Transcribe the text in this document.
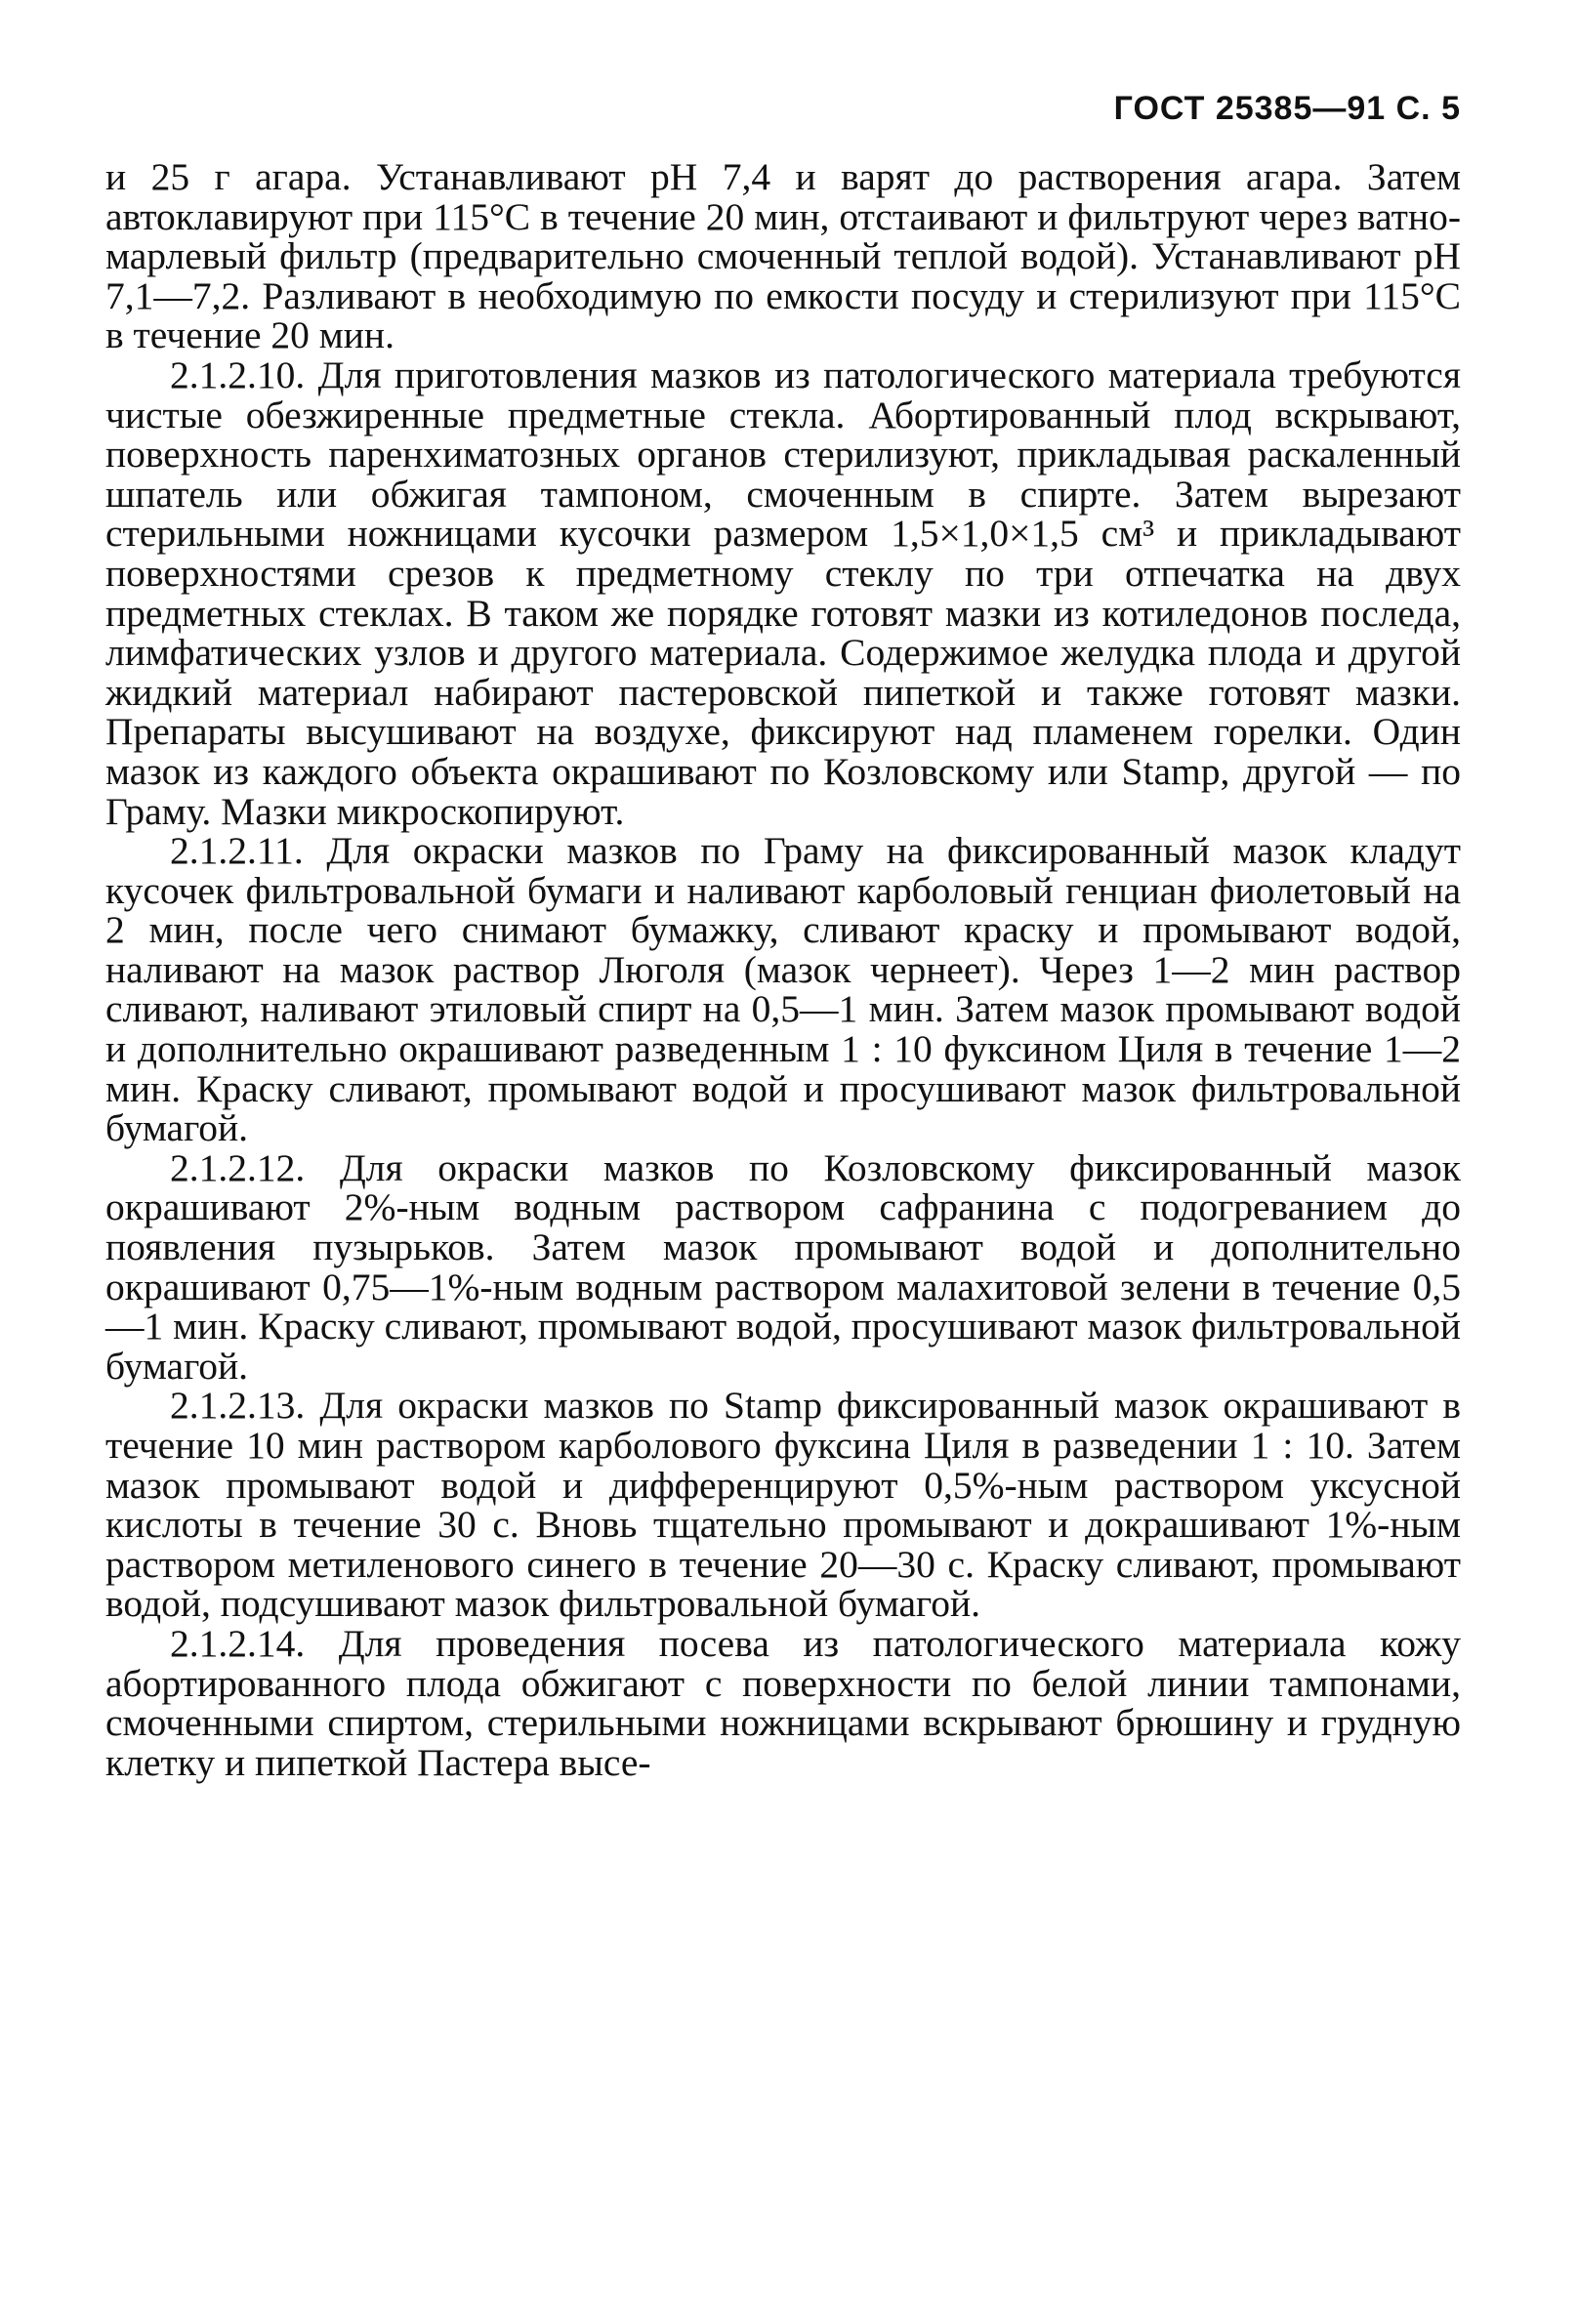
ГОСТ 25385—91 С. 5

и 25 г агара. Устанавливают pH 7,4 и варят до растворения агара. Затем автоклавируют при 115°С в течение 20 мин, отстаивают и фильтруют через ватно-марлевый фильтр (предварительно смоченный теплой водой). Устанавливают pH 7,1—7,2. Разливают в необходимую по емкости посуду и стерилизуют при 115°С в течение 20 мин.

2.1.2.10. Для приготовления мазков из патологического материала требуются чистые обезжиренные предметные стекла. Абортированный плод вскрывают, поверхность паренхиматозных органов стерилизуют, прикладывая раскаленный шпатель или обжигая тампоном, смоченным в спирте. Затем вырезают стерильными ножницами кусочки размером 1,5×1,0×1,5 см³ и прикладывают поверхностями срезов к предметному стеклу по три отпечатка на двух предметных стеклах. В таком же порядке готовят мазки из котиледонов последа, лимфатических узлов и другого материала. Содержимое желудка плода и другой жидкий материал набирают пастеровской пипеткой и также готовят мазки. Препараты высушивают на воздухе, фиксируют над пламенем горелки. Один мазок из каждого объекта окрашивают по Козловскому или Stamp, другой — по Граму. Мазки микроскопируют.

2.1.2.11. Для окраски мазков по Граму на фиксированный мазок кладут кусочек фильтровальной бумаги и наливают карболовый генциан фиолетовый на 2 мин, после чего снимают бумажку, сливают краску и промывают водой, наливают на мазок раствор Люголя (мазок чернеет). Через 1—2 мин раствор сливают, наливают этиловый спирт на 0,5—1 мин. Затем мазок промывают водой и дополнительно окрашивают разведенным 1 : 10 фуксином Циля в течение 1—2 мин. Краску сливают, промывают водой и просушивают мазок фильтровальной бумагой.

2.1.2.12. Для окраски мазков по Козловскому фиксированный мазок окрашивают 2%-ным водным раствором сафранина с подогреванием до появления пузырьков. Затем мазок промывают водой и дополнительно окрашивают 0,75—1%-ным водным раствором малахитовой зелени в течение 0,5—1 мин. Краску сливают, промывают водой, просушивают мазок фильтровальной бумагой.

2.1.2.13. Для окраски мазков по Stamp фиксированный мазок окрашивают в течение 10 мин раствором карболового фуксина Циля в разведении 1 : 10. Затем мазок промывают водой и дифференцируют 0,5%-ным раствором уксусной кислоты в течение 30 с. Вновь тщательно промывают и докрашивают 1%-ным раствором метиленового синего в течение 20—30 с. Краску сливают, промывают водой, подсушивают мазок фильтровальной бумагой.

2.1.2.14. Для проведения посева из патологического материала кожу абортированного плода обжигают с поверхности по белой линии тампонами, смоченными спиртом, стерильными ножницами вскрывают брюшину и грудную клетку и пипеткой Пастера высе-
